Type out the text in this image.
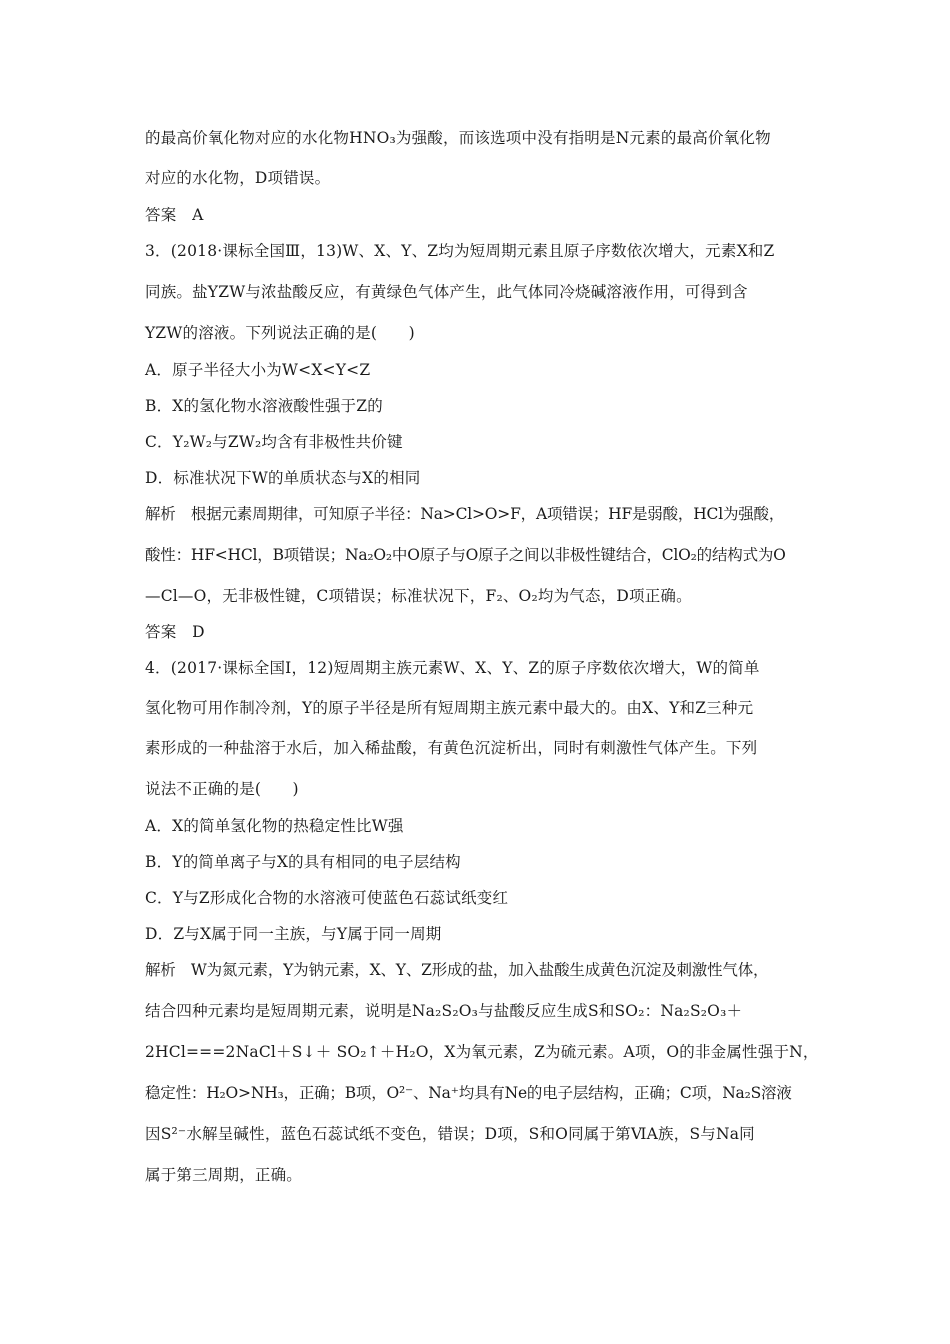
的最高价氧化物对应的水化物HNO₃为强酸，而该选项中没有指明是N元素的最高价氧化物
对应的水化物，D项错误。
答案　A
3．(2018·课标全国Ⅲ，13)W、X、Y、Z均为短周期元素且原子序数依次增大，元素X和Z
同族。盐YZW与浓盐酸反应，有黄绿色气体产生，此气体同冷烧碱溶液作用，可得到含
YZW的溶液。下列说法正确的是(　　)
A．原子半径大小为W<X<Y<Z
B．X的氢化物水溶液酸性强于Z的
C．Y₂W₂与ZW₂均含有非极性共价键
D．标准状况下W的单质状态与X的相同
解析　根据元素周期律，可知原子半径：Na>Cl>O>F，A项错误；HF是弱酸，HCl为强酸，
酸性：HF<HCl，B项错误；Na₂O₂中O原子与O原子之间以非极性键结合，ClO₂的结构式为O
—Cl—O，无非极性键，C项错误；标准状况下，F₂、O₂均为气态，D项正确。
答案　D
4．(2017·课标全国Ⅰ，12)短周期主族元素W、X、Y、Z的原子序数依次增大，W的简单
氢化物可用作制冷剂，Y的原子半径是所有短周期主族元素中最大的。由X、Y和Z三种元
素形成的一种盐溶于水后，加入稀盐酸，有黄色沉淀析出，同时有刺激性气体产生。下列
说法不正确的是(　　)
A．X的简单氢化物的热稳定性比W强
B．Y的简单离子与X的具有相同的电子层结构
C．Y与Z形成化合物的水溶液可使蓝色石蕊试纸变红
D．Z与X属于同一主族，与Y属于同一周期
解析　W为氮元素，Y为钠元素，X、Y、Z形成的盐，加入盐酸生成黄色沉淀及刺激性气体，
结合四种元素均是短周期元素，说明是Na₂S₂O₃与盐酸反应生成S和SO₂：Na₂S₂O₃＋
2HCl===2NaCl＋S↓＋ SO₂↑＋H₂O，X为氧元素，Z为硫元素。A项，O的非金属性强于N，
稳定性：H₂O>NH₃，正确；B项，O²⁻、Na⁺均具有Ne的电子层结构，正确；C项，Na₂S溶液
因S²⁻水解呈碱性，蓝色石蕊试纸不变色，错误；D项，S和O同属于第ⅥA族，S与Na同
属于第三周期，正确。
